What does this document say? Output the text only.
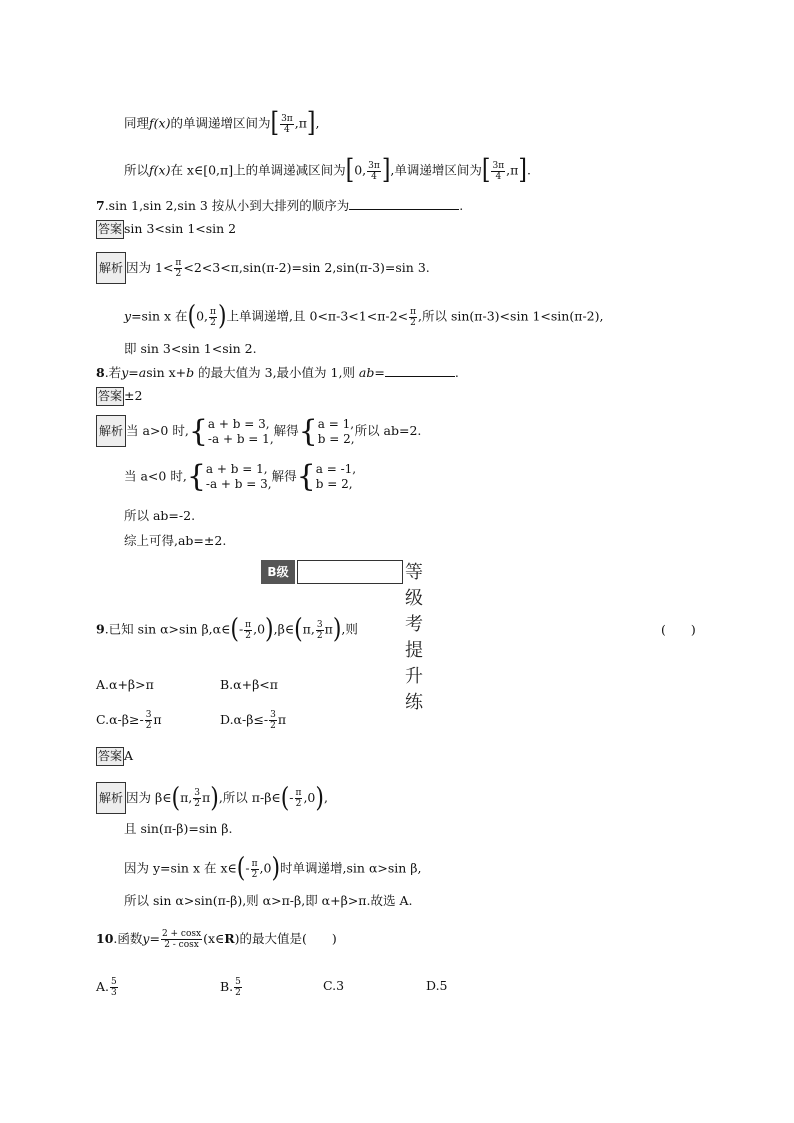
同理f(x)的单调递增区间为[ $\frac{3\pi}{4} ,\pi$],
所以f(x)在 x∈[0,π]上的单调递减区间为[0, $\frac{3\pi}{4}$ ],单调递增区间为[ $\frac{3\pi}{4} ,\pi$].
7.sin 1,sin 2,sin 3 按从小到大排列的顺序为	.
答案 sin 3<sin 1<sin 2
解析 因为 $1< \frac{\pi}{2} <2<3<\pi,\sin(\pi-2)=\sin$ 2,sin(π-3)=sin 3.
y=sin x 在(0, $\frac{\pi}{2}$ )上单调递增,且 $0<\pi-3<1<\pi-2< \frac{\pi}{2}$ ,所以 sin(π-3)<sin 1<sin(π-2),
即 sin 3<sin 1<sin 2.
8.若y=asin x+b 的最大值为 3,最小值为 1,则 ab=	.
答案 ±2
解析 当 a>0 时,{ a + b = 3,
-a + b = 1,
解得{ a = 1,
b = 2,
所以 ab=2.
当 a<0 时,{ a + b = 1,
-a + b = 3,
解得{ a = -1,
b = 2,
所以 ab=-2.
综上可得,ab=±2.
B级	等级考提升练
9.已知 sin α>sin β,α∈(- $\frac{\pi}{2}$ ,0),β∈(π, $\frac{3}{2} \pi$),则	(　　)
A.α+β>π	B.α+β<π
$C.\alpha-\beta\ge- \frac{3}{2}$ π	$D.\alpha-\beta\le- \frac{3}{2}$ π
答案 A
解析 因为 β∈(π, $\frac{3}{2} \pi$),所以 π-β∈(- $\frac{\pi}{2} ,0$),
且 sin(π-β)=sin β.
因为 y=sin x 在 x∈(- $\frac{\pi}{2} ,0$)时单调递增,sin α>sin β,
所以 sin α>sin(π-β),则 α>π-β,即 α+β>π.故选 A.
10.函数$y= \frac{2 + \cos x}{2 - \cos x}$ (x∈R)的最大值是(　　)
A. $\frac{5}{3}$	B. $\frac{5}{2}$	C.3	D.5
